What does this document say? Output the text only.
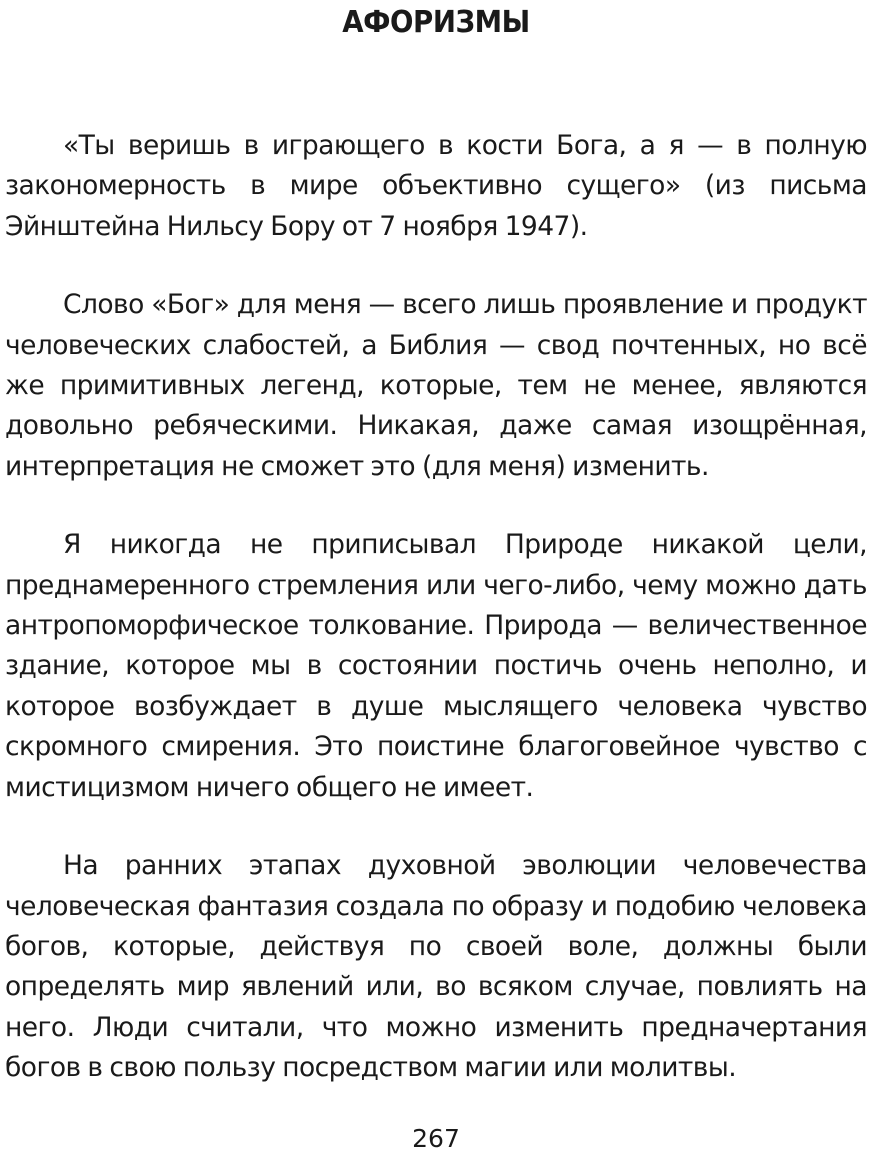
АФОРИЗМЫ

«Ты веришь в играющего в кости Бога, а я — в полную закономерность в мире объективно сущего» (из письма Эйнштейна Нильсу Бору от 7 ноября 1947).

Слово «Бог» для меня — всего лишь проявление и продукт человеческих слабостей, а Библия — свод почтенных, но всё же примитивных легенд, которые, тем не менее, являются довольно ребяческими. Никакая, даже самая изощрённая, интерпретация не сможет это (для меня) изменить.

Я никогда не приписывал Природе никакой цели, преднамеренного стремления или чего-либо, чему можно дать антропоморфическое толкование. Природа — величественное здание, которое мы в состоянии постичь очень неполно, и которое возбуждает в душе мыслящего человека чувство скромного смирения. Это поистине благоговейное чувство с мистицизмом ничего общего не имеет.

На ранних этапах духовной эволюции человечества человеческая фантазия создала по образу и подобию человека богов, которые, действуя по своей воле, должны были определять мир явлений или, во всяком случае, повлиять на него. Люди считали, что можно изменить предначертания богов в свою пользу посредством магии или молитвы.

267
